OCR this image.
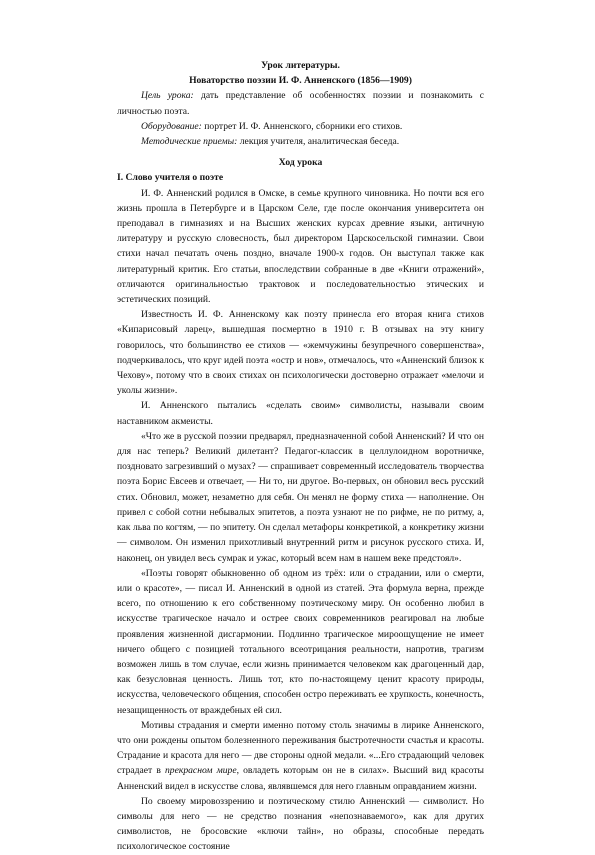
Урок литературы.

Новаторство поэзии И. Ф. Анненского (1856—1909)

Цель урока: дать представление об особенностях поэзии и познакомить с личностью поэта.

Оборудование: портрет И. Ф. Анненского, сборники его стихов.

Методические приемы: лекция учителя, аналитическая беседа.

Ход урока

I. Слово учителя о поэте

И. Ф. Анненский родился в Омске, в семье крупного чиновника. Но почти вся его жизнь прошла в Петербурге и в Царском Селе, где после окончания университета он преподавал в гимназиях и на Высших женских курсах древние языки, античную литературу и русскую словесность, был директором Царскосельской гимназии. Свои стихи начал печатать очень поздно, вначале 1900-х годов. Он выступал также как литературный критик. Его статьи, впоследствии собранные в две «Книги отражений», отличаются оригинальностью трактовок и последовательностью этических и эстетических позиций.

Известность И. Ф. Анненскому как поэту принесла его вторая книга стихов «Кипарисовый ларец», вышедшая посмертно в 1910 г. В отзывах на эту книгу говорилось, что большинство ее стихов — «жемчужины безупречного совершенства», подчеркивалось, что круг идей поэта «остр и нов», отмечалось, что «Анненский близок к Чехову», потому что в своих стихах он психологически достоверно отражает «мелочи и уколы жизни».

И. Анненского пытались «сделать своим» символисты, называли своим наставником акмеисты.

«Что же в русской поэзии предварял, предназначенной собой Анненский? И что он для нас теперь? Великий дилетант? Педагог-классик в целлулоидном воротничке, поздновато загрезивший о музах? — спрашивает современный исследователь творчества поэта Борис Евсеев и отвечает, — Ни то, ни другое. Во-первых, он обновил весь русский стих. Обновил, может, незаметно для себя. Он менял не форму стиха — наполнение. Он привел с собой сотни небывалых эпитетов, а поэта узнают не по рифме, не по ритму, а, как льва по когтям, — по эпитету. Он сделал метафоры конкретикой, а конкретику жизни — символом. Он изменил прихотливый внутренний ритм и рисунок русского стиха. И, наконец, он увидел весь сумрак и ужас, который всем нам в нашем веке предстоял».

«Поэты говорят обыкновенно об одном из трёх: или о страдании, или о смерти, или о красоте», — писал И. Анненский в одной из статей. Эта формула верна, прежде всего, по отношению к его собственному поэтическому миру. Он особенно любил в искусстве трагическое начало и острее своих современников реагировал на любые проявления жизненной дисгармонии. Подлинно трагическое мироощущение не имеет ничего общего с позицией тотального всеотрицания реальности, напротив, трагизм возможен лишь в том случае, если жизнь принимается человеком как драгоценный дар, как безусловная ценность. Лишь тот, кто по-настоящему ценит красоту природы, искусства, человеческого общения, способен остро переживать ее хрупкость, конечность, незащищенность от враждебных ей сил.

Мотивы страдания и смерти именно потому столь значимы в лирике Анненского, что они рождены опытом болезненного переживания быстротечности счастья и красоты. Страдание и красота для него — две стороны одной медали. «...Его страдающий человек страдает в прекрасном мире, овладеть которым он не в силах». Высший вид красоты Анненский видел в искусстве слова, являвшемся для него главным оправданием жизни.

По своему мировоззрению и поэтическому стилю Анненский — символист. Но символы для него — не средство познания «непознаваемого», как для других символистов, не бросовские «ключи тайн», но образы, способные передать психологическое состояние
